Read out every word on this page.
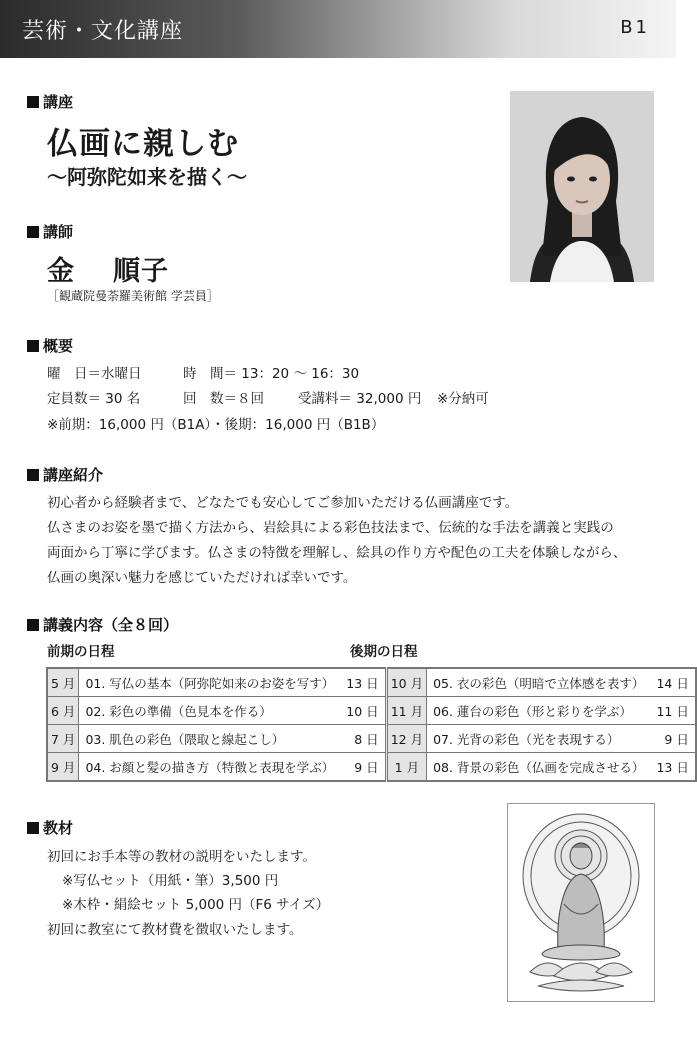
芸術・文化講座	B1
講座
仏画に親しむ
～阿弥陀如来を描く～
講師
金 順子
［観蔵院曼荼羅美術館 学芸員］
概要
曜　日＝水曜日	時　間＝ 13：20 ～ 16：30
定員数＝ 30 名	回　数＝８回	受講料＝ 32,000 円 ※分納可
※前期：16,000 円（B1A）・後期：16,000 円（B1B）
講座紹介
初心者から経験者まで、どなたでも安心してご参加いただける仏画講座です。
仏さまのお姿を墨で描く方法から、岩絵具による彩色技法まで、伝統的な手法を講義と実践の
両面から丁寧に学びます。仏さまの特徴を理解し、絵具の作り方や配色の工夫を体験しながら、
仏画の奥深い魅力を感じていただければ幸いです。
講義内容（全８回）
前期の日程	後期の日程
5 月	01. 写仏の基本（阿弥陀如来のお姿を写す）	13 日	10 月	05. 衣の彩色（明暗で立体感を表す）	14 日
6 月	02. 彩色の準備（色見本を作る）	10 日	11 月	06. 蓮台の彩色（形と彩りを学ぶ）	11 日
7 月	03. 肌色の彩色（隈取と線起こし）	8 日	12 月	07. 光背の彩色（光を表現する）	9 日
9 月	04. お顔と髪の描き方（特徴と表現を学ぶ）	9 日	1 月	08. 背景の彩色（仏画を完成させる）	13 日
教材
初回にお手本等の教材の説明をいたします。
※写仏セット（用紙・筆）3,500 円
※木枠・絹絵セット 5,000 円（F6 サイズ）
初回に教室にて教材費を徴収いたします。
